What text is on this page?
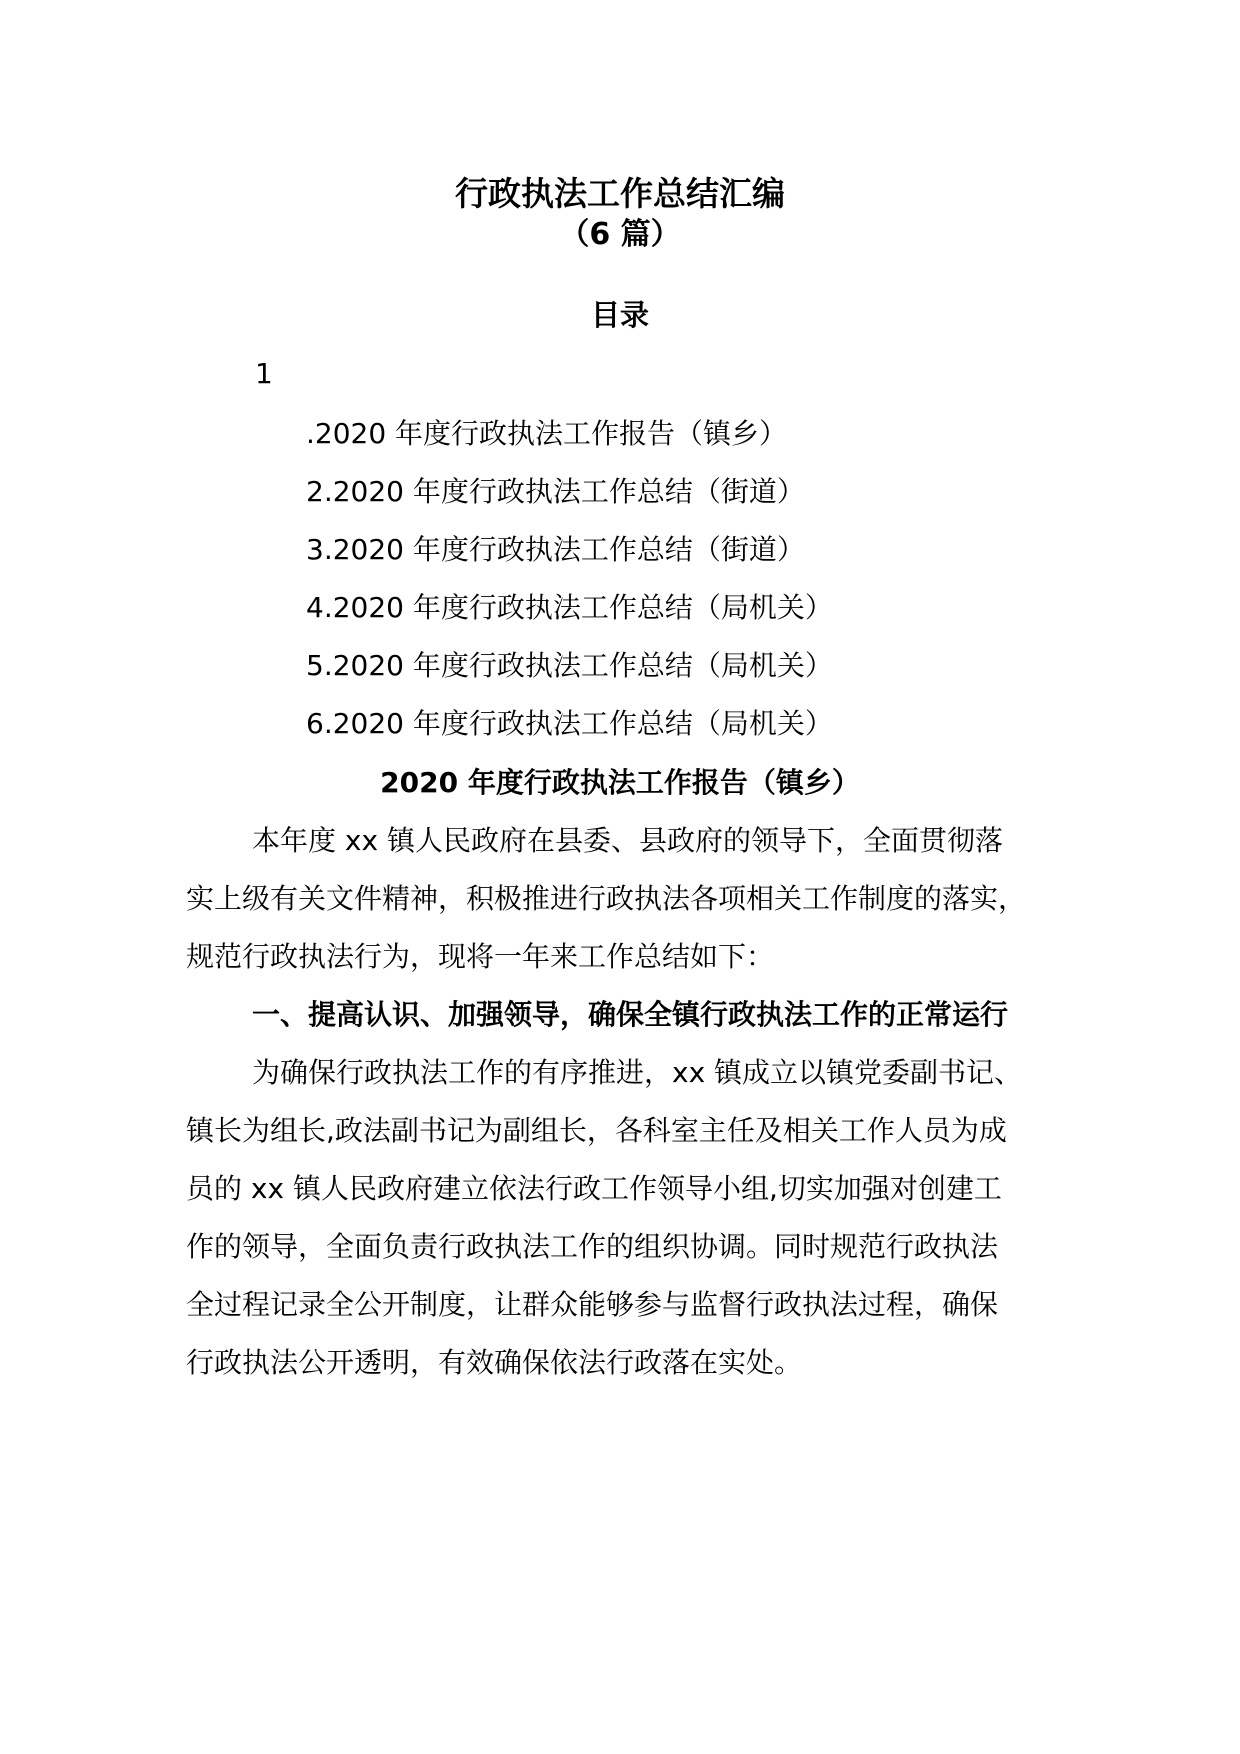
行政执法工作总结汇编
（6 篇）
目录
1
.2020 年度行政执法工作报告（镇乡）
2.2020 年度行政执法工作总结（街道）
3.2020 年度行政执法工作总结（街道）
4.2020 年度行政执法工作总结（局机关）
5.2020 年度行政执法工作总结（局机关）
6.2020 年度行政执法工作总结（局机关）
2020 年度行政执法工作报告（镇乡）
本年度 xx 镇人民政府在县委、县政府的领导下，全面贯彻落
实上级有关文件精神，积极推进行政执法各项相关工作制度的落实，
规范行政执法行为，现将一年来工作总结如下：
一、提高认识、加强领导，确保全镇行政执法工作的正常运行
为确保行政执法工作的有序推进，xx 镇成立以镇党委副书记、
镇长为组长,政法副书记为副组长，各科室主任及相关工作人员为成
员的 xx 镇人民政府建立依法行政工作领导小组,切实加强对创建工
作的领导，全面负责行政执法工作的组织协调。同时规范行政执法
全过程记录全公开制度，让群众能够参与监督行政执法过程，确保
行政执法公开透明，有效确保依法行政落在实处。
